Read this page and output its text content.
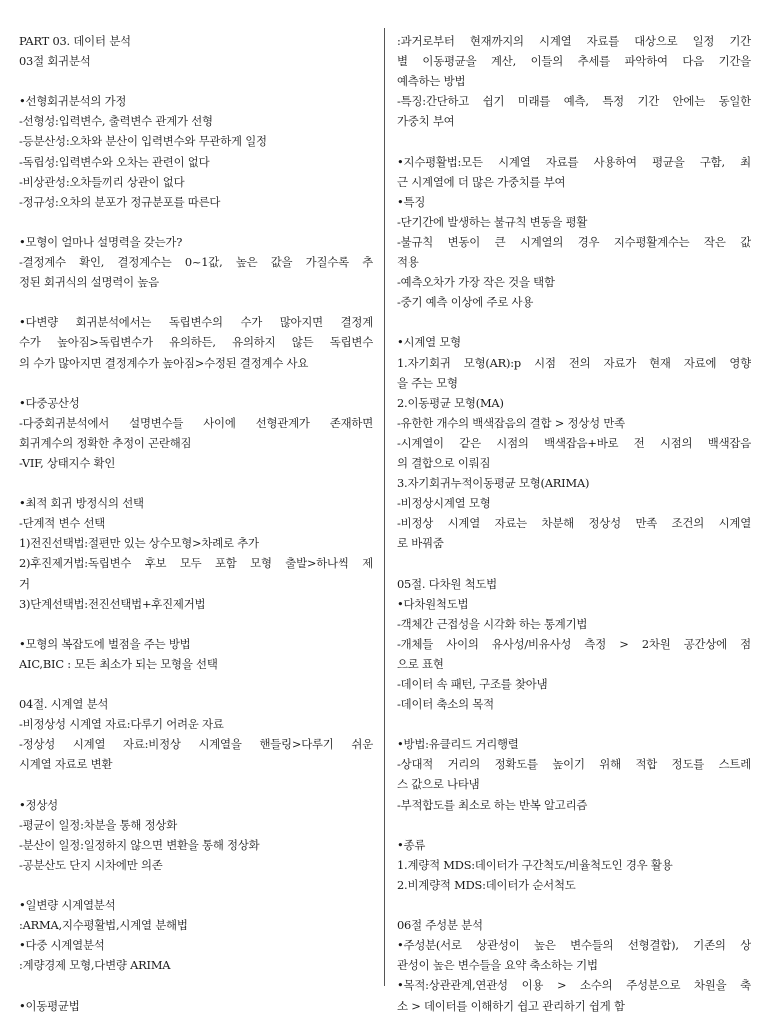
PART 03. 데이터 분석
03절 회귀분석
•선형회귀분석의 가정
-선형성:입력변수, 출력변수 관계가 선형
-등분산성:오차와 분산이 입력변수와 무관하게 일정
-독립성:입력변수와 오차는 관련이 없다
-비상관성:오차들끼리 상관이 없다
-정규성:오차의 분포가 정규분포를 따른다
•모형이 얼마나 설명력을 갖는가?
-결정계수 확인, 결정계수는 0~1값, 높은 값을 가질수록 추
정된 회귀식의 설명력이 높음
•다변량 회귀분석에서는 독립변수의 수가 많아지면 결정계
수가 높아짐>독립변수가 유의하든, 유의하지 않든 독립변수
의 수가 많아지면 결정계수가 높아짐>수정된 결정계수 사요
•다중공산성
-다중회귀분석에서 설명변수들 사이에 선형관계가 존재하면
회귀계수의 정확한 추정이 곤란해짐
-VIF, 상태지수 확인
•최적 회귀 방정식의 선택
-단계적 변수 선택
1)전진선택법:절편만 있는 상수모형>차례로 추가
2)후진제거법:독립변수 후보 모두 포함 모형 출발>하나씩 제
거
3)단계선택법:전진선택법+후진제거법
•모형의 복잡도에 벌점을 주는 방법
AIC,BIC : 모든 최소가 되는 모형을 선택
04절. 시계열 분석
-비정상성 시계열 자료:다루기 어려운 자료
-정상성 시계열 자료:비정상 시계열을 핸들링>다루기 쉬운
시계열 자료로 변환
•정상성
-평균이 일정:차분을 통해 정상화
-분산이 일정:일정하지 않으면 변환을 통해 정상화
-공분산도 단지 시차에만 의존
•일변량 시계열분석
:ARMA,지수평활법,시계열 분해법
•다중 시계열분석
:계량경제 모형,다변량 ARIMA
•이동평균법
:과거로부터 현재까지의 시계열 자료를 대상으로 일정 기간
별 이동평균을 계산, 이들의 추세를 파악하여 다음 기간을
예측하는 방법
-특징:간단하고 쉽기 미래를 예측, 특정 기간 안에는 동일한
가중치 부여
•지수평활법:모든 시계열 자료를 사용하여 평균을 구함, 최
근 시계열에 더 많은 가중치를 부여
•특징
-단기간에 발생하는 불규칙 변동을 평활
-불규칙 변동이 큰 시계열의 경우 지수평활계수는 작은 값
적용
-예측오차가 가장 작은 것을 택함
-중기 예측 이상에 주로 사용
•시계열 모형
1.자기회귀 모형(AR):p 시점 전의 자료가 현재 자료에 영향
을 주는 모형
2.이동평균 모형(MA)
-유한한 개수의 백색잡음의 결합 > 정상성 만족
-시계열이 같은 시점의 백색잡음+바로 전 시점의 백색잡음
의 결합으로 이뤄짐
3.자기회귀누적이동평균 모형(ARIMA)
-비정상시계열 모형
-비정상 시계열 자료는 차분해 정상성 만족 조건의 시계열
로 바꿔줌
05절. 다차원 척도법
•다차원척도법
-객체간 근접성을 시각화 하는 통계기법
-개체들 사이의 유사성/비유사성 측정 > 2차원 공간상에 점
으로 표현
-데이터 속 패턴, 구조를 찾아냄
-데이터 축소의 목적
•방법:유클리드 거리행렬
-상대적 거리의 정확도를 높이기 위해 적합 정도를 스트레
스 값으로 나타냄
-부적합도를 최소로 하는 반복 알고리즘
•종류
1.계량적 MDS:데이터가 구간척도/비율척도인 경우 활용
2.비계량적 MDS:데이터가 순서척도
06절 주성분 분석
•주성분(서로 상관성이 높은 변수들의 선형결합), 기존의 상
관성이 높은 변수들을 요약 축소하는 기법
•목적:상관관계,연관성 이용 > 소수의 주성분으로 차원을 축
소 > 데이터를 이해하기 쉽고 관리하기 쉽게 함
